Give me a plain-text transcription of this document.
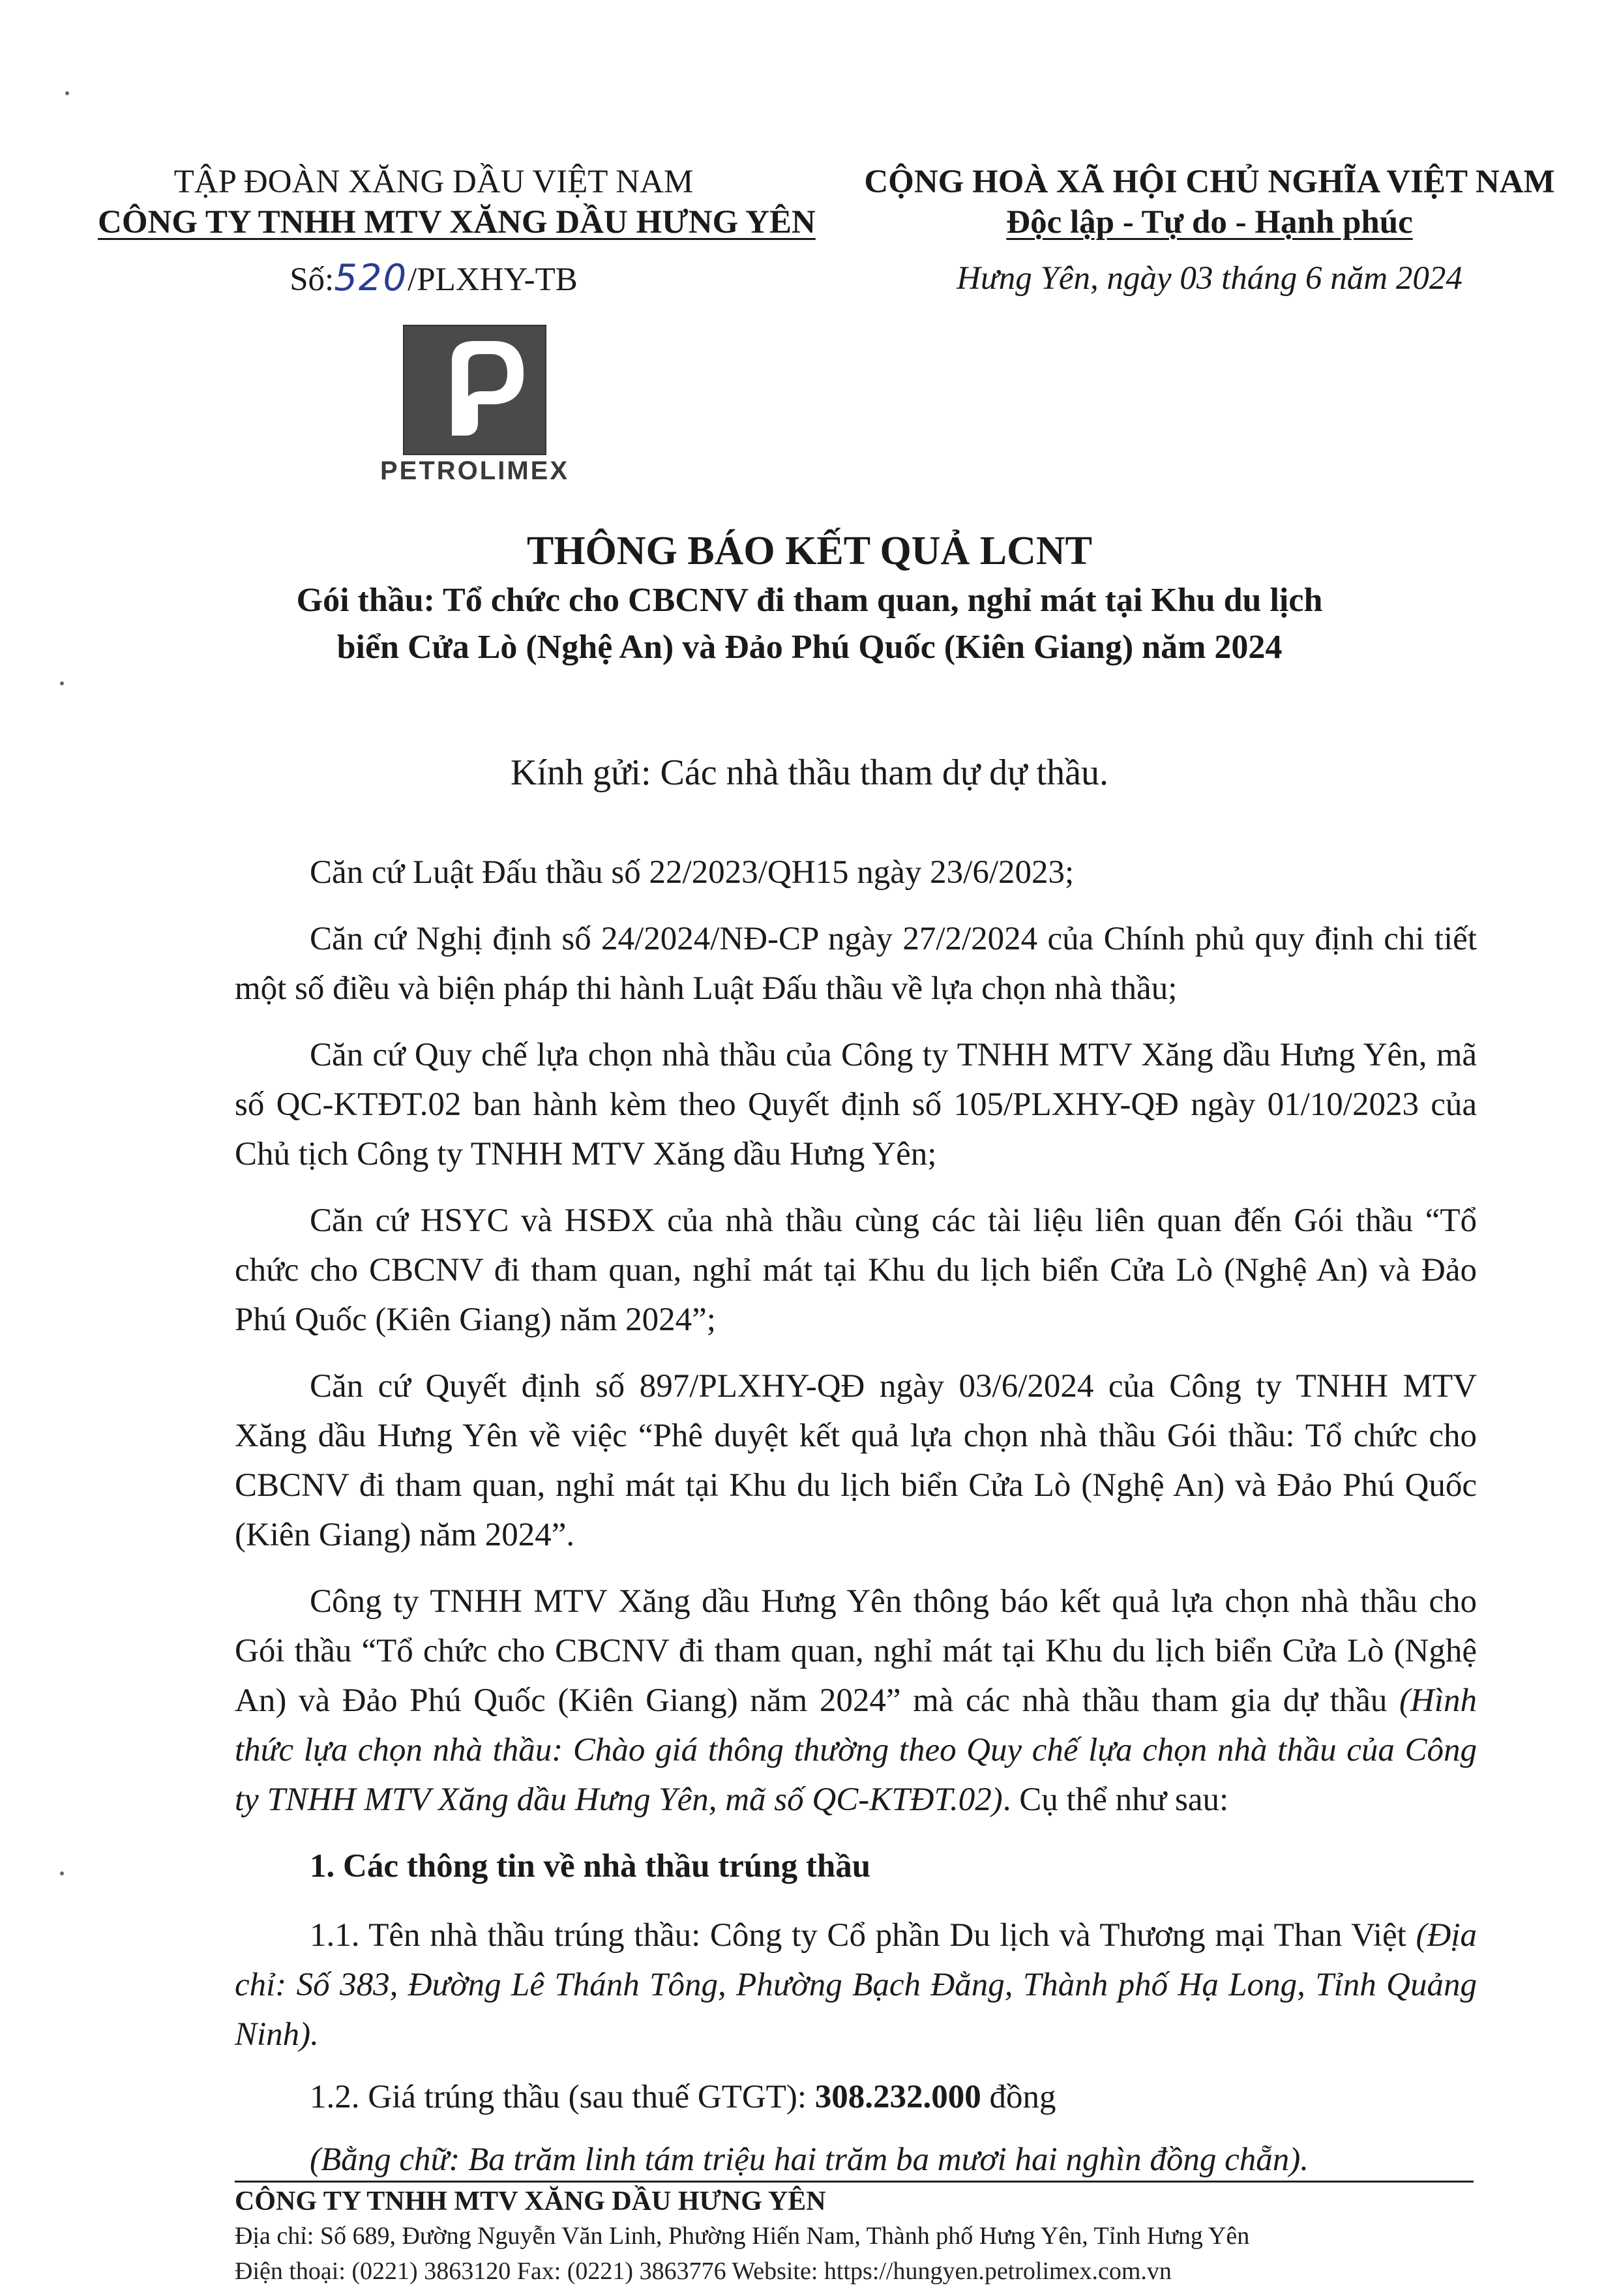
TẬP ĐOÀN XĂNG DẦU VIỆT NAM
CÔNG TY TNHH MTV XĂNG DẦU HƯNG YÊN
Số:520/PLXHY-TB
CỘNG HOÀ XÃ HỘI CHỦ NGHĨA VIỆT NAM
Độc lập - Tự do - Hạnh phúc
Hưng Yên, ngày 03 tháng 6 năm 2024
PETROLIMEX
THÔNG BÁO KẾT QUẢ LCNT
Gói thầu: Tổ chức cho CBCNV đi tham quan, nghỉ mát tại Khu du lịch
biển Cửa Lò (Nghệ An) và Đảo Phú Quốc (Kiên Giang) năm 2024
Kính gửi: Các nhà thầu tham dự dự thầu.

Căn cứ Luật Đấu thầu số 22/2023/QH15 ngày 23/6/2023;

Căn cứ Nghị định số 24/2024/NĐ-CP ngày 27/2/2024 của Chính phủ quy định chi tiết một số điều và biện pháp thi hành Luật Đấu thầu về lựa chọn nhà thầu;

Căn cứ Quy chế lựa chọn nhà thầu của Công ty TNHH MTV Xăng dầu Hưng Yên, mã số QC-KTĐT.02 ban hành kèm theo Quyết định số 105/PLXHY-QĐ ngày 01/10/2023 của Chủ tịch Công ty TNHH MTV Xăng dầu Hưng Yên;

Căn cứ HSYC và HSĐX của nhà thầu cùng các tài liệu liên quan đến Gói thầu “Tổ chức cho CBCNV đi tham quan, nghỉ mát tại Khu du lịch biển Cửa Lò (Nghệ An) và Đảo Phú Quốc (Kiên Giang) năm 2024”;

Căn cứ Quyết định số 897/PLXHY-QĐ ngày 03/6/2024 của Công ty TNHH MTV Xăng dầu Hưng Yên về việc “Phê duyệt kết quả lựa chọn nhà thầu Gói thầu: Tổ chức cho CBCNV đi tham quan, nghỉ mát tại Khu du lịch biển Cửa Lò (Nghệ An) và Đảo Phú Quốc (Kiên Giang) năm 2024”.

Công ty TNHH MTV Xăng dầu Hưng Yên thông báo kết quả lựa chọn nhà thầu cho Gói thầu “Tổ chức cho CBCNV đi tham quan, nghỉ mát tại Khu du lịch biển Cửa Lò (Nghệ An) và Đảo Phú Quốc (Kiên Giang) năm 2024” mà các nhà thầu tham gia dự thầu (Hình thức lựa chọn nhà thầu: Chào giá thông thường theo Quy chế lựa chọn nhà thầu của Công ty TNHH MTV Xăng dầu Hưng Yên, mã số QC-KTĐT.02). Cụ thể như sau:

1. Các thông tin về nhà thầu trúng thầu

1.1. Tên nhà thầu trúng thầu: Công ty Cổ phần Du lịch và Thương mại Than Việt (Địa chỉ: Số 383, Đường Lê Thánh Tông, Phường Bạch Đằng, Thành phố Hạ Long, Tỉnh Quảng Ninh).

1.2. Giá trúng thầu (sau thuế GTGT): 308.232.000 đồng

(Bằng chữ: Ba trăm linh tám triệu hai trăm ba mươi hai nghìn đồng chẵn).

CÔNG TY TNHH MTV XĂNG DẦU HƯNG YÊN
Địa chỉ: Số 689, Đường Nguyễn Văn Linh, Phường Hiến Nam, Thành phố Hưng Yên, Tỉnh Hưng Yên
Điện thoại: (0221) 3863120 Fax: (0221) 3863776 Website: https://hungyen.petrolimex.com.vn
